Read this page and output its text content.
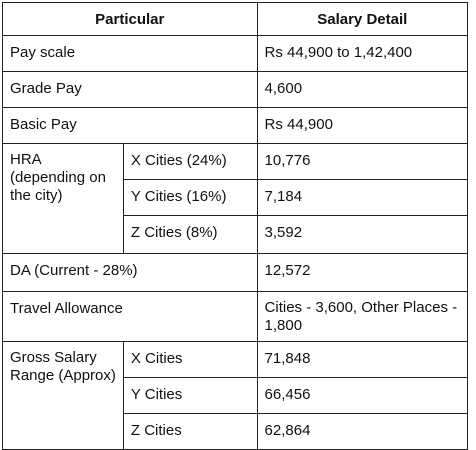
Particular		Salary Detail
Pay scale		Rs 44,900 to 1,42,400
Grade Pay		4,600
Basic Pay		Rs 44,900
HRA (depending on the city)	X Cities (24%)	10,776
	Y Cities (16%)	7,184
	Z Cities (8%)	3,592
DA (Current - 28%)		12,572
Travel Allowance		Cities - 3,600, Other Places - 1,800
Gross Salary Range (Approx)	X Cities	71,848
	Y Cities	66,456
	Z Cities	62,864
